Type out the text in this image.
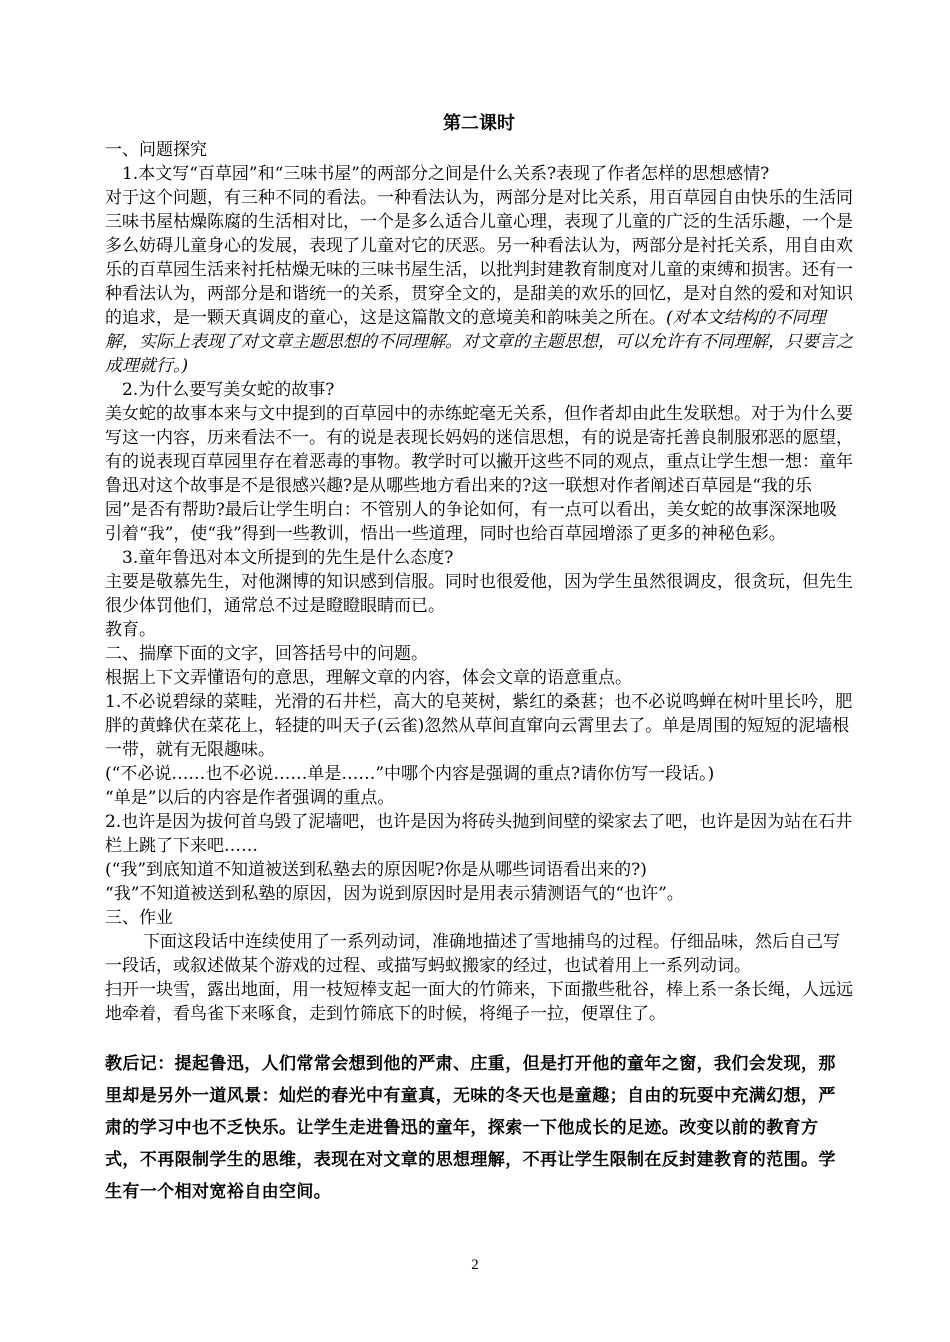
第二课时

一、问题探究

1.本文写“百草园”和“三味书屋”的两部分之间是什么关系?表现了作者怎样的思想感情?

对于这个问题，有三种不同的看法。一种看法认为，两部分是对比关系，用百草园自由快乐的生活同三味书屋枯燥陈腐的生活相对比，一个是多么适合儿童心理，表现了儿童的广泛的生活乐趣，一个是多么妨碍儿童身心的发展，表现了儿童对它的厌恶。另一种看法认为，两部分是衬托关系，用自由欢乐的百草园生活来衬托枯燥无味的三味书屋生活，以批判封建教育制度对儿童的束缚和损害。还有一种看法认为，两部分是和谐统一的关系，贯穿全文的，是甜美的欢乐的回忆，是对自然的爱和对知识的追求，是一颗天真调皮的童心，这是这篇散文的意境美和韵味美之所在。(对本文结构的不同理解，实际上表现了对文章主题思想的不同理解。对文章的主题思想，可以允许有不同理解，只要言之成理就行。)

2.为什么要写美女蛇的故事?

美女蛇的故事本来与文中提到的百草园中的赤练蛇毫无关系，但作者却由此生发联想。对于为什么要写这一内容，历来看法不一。有的说是表现长妈妈的迷信思想，有的说是寄托善良制服邪恶的愿望，有的说表现百草园里存在着恶毒的事物。教学时可以撇开这些不同的观点，重点让学生想一想：童年鲁迅对这个故事是不是很感兴趣?是从哪些地方看出来的?这一联想对作者阐述百草园是“我的乐园”是否有帮助?最后让学生明白：不管别人的争论如何，有一点可以看出，美女蛇的故事深深地吸引着“我”，使“我”得到一些教训，悟出一些道理，同时也给百草园增添了更多的神秘色彩。

3.童年鲁迅对本文所提到的先生是什么态度?

主要是敬慕先生，对他渊博的知识感到信服。同时也很爱他，因为学生虽然很调皮，很贪玩，但先生很少体罚他们，通常总不过是瞪瞪眼睛而已。

教育。

二、揣摩下面的文字，回答括号中的问题。

根据上下文弄懂语句的意思，理解文章的内容，体会文章的语意重点。

1.不必说碧绿的菜畦，光滑的石井栏，高大的皂荚树，紫红的桑葚；也不必说鸣蝉在树叶里长吟，肥胖的黄蜂伏在菜花上，轻捷的叫天子(云雀)忽然从草间直窜向云霄里去了。单是周围的短短的泥墙根一带，就有无限趣味。

(“不必说……也不必说……单是……”中哪个内容是强调的重点?请你仿写一段话。)

“单是”以后的内容是作者强调的重点。

2.也许是因为拔何首乌毁了泥墙吧，也许是因为将砖头抛到间壁的梁家去了吧，也许是因为站在石井栏上跳了下来吧……

(“我”到底知道不知道被送到私塾去的原因呢?你是从哪些词语看出来的?)

“我”不知道被送到私塾的原因，因为说到原因时是用表示猜测语气的“也许”。

三、作业

下面这段话中连续使用了一系列动词，准确地描述了雪地捕鸟的过程。仔细品味，然后自己写一段话，或叙述做某个游戏的过程、或描写蚂蚁搬家的经过，也试着用上一系列动词。

扫开一块雪，露出地面，用一枝短棒支起一面大的竹筛来，下面撒些秕谷，棒上系一条长绳，人远远地牵着，看鸟雀下来啄食，走到竹筛底下的时候，将绳子一拉，便罩住了。

教后记：提起鲁迅，人们常常会想到他的严肃、庄重，但是打开他的童年之窗，我们会发现，那里却是另外一道风景：灿烂的春光中有童真，无味的冬天也是童趣；自由的玩耍中充满幻想，严肃的学习中也不乏快乐。让学生走进鲁迅的童年，探索一下他成长的足迹。改变以前的教育方式，不再限制学生的思维，表现在对文章的思想理解，不再让学生限制在反封建教育的范围。学生有一个相对宽裕自由空间。

2
